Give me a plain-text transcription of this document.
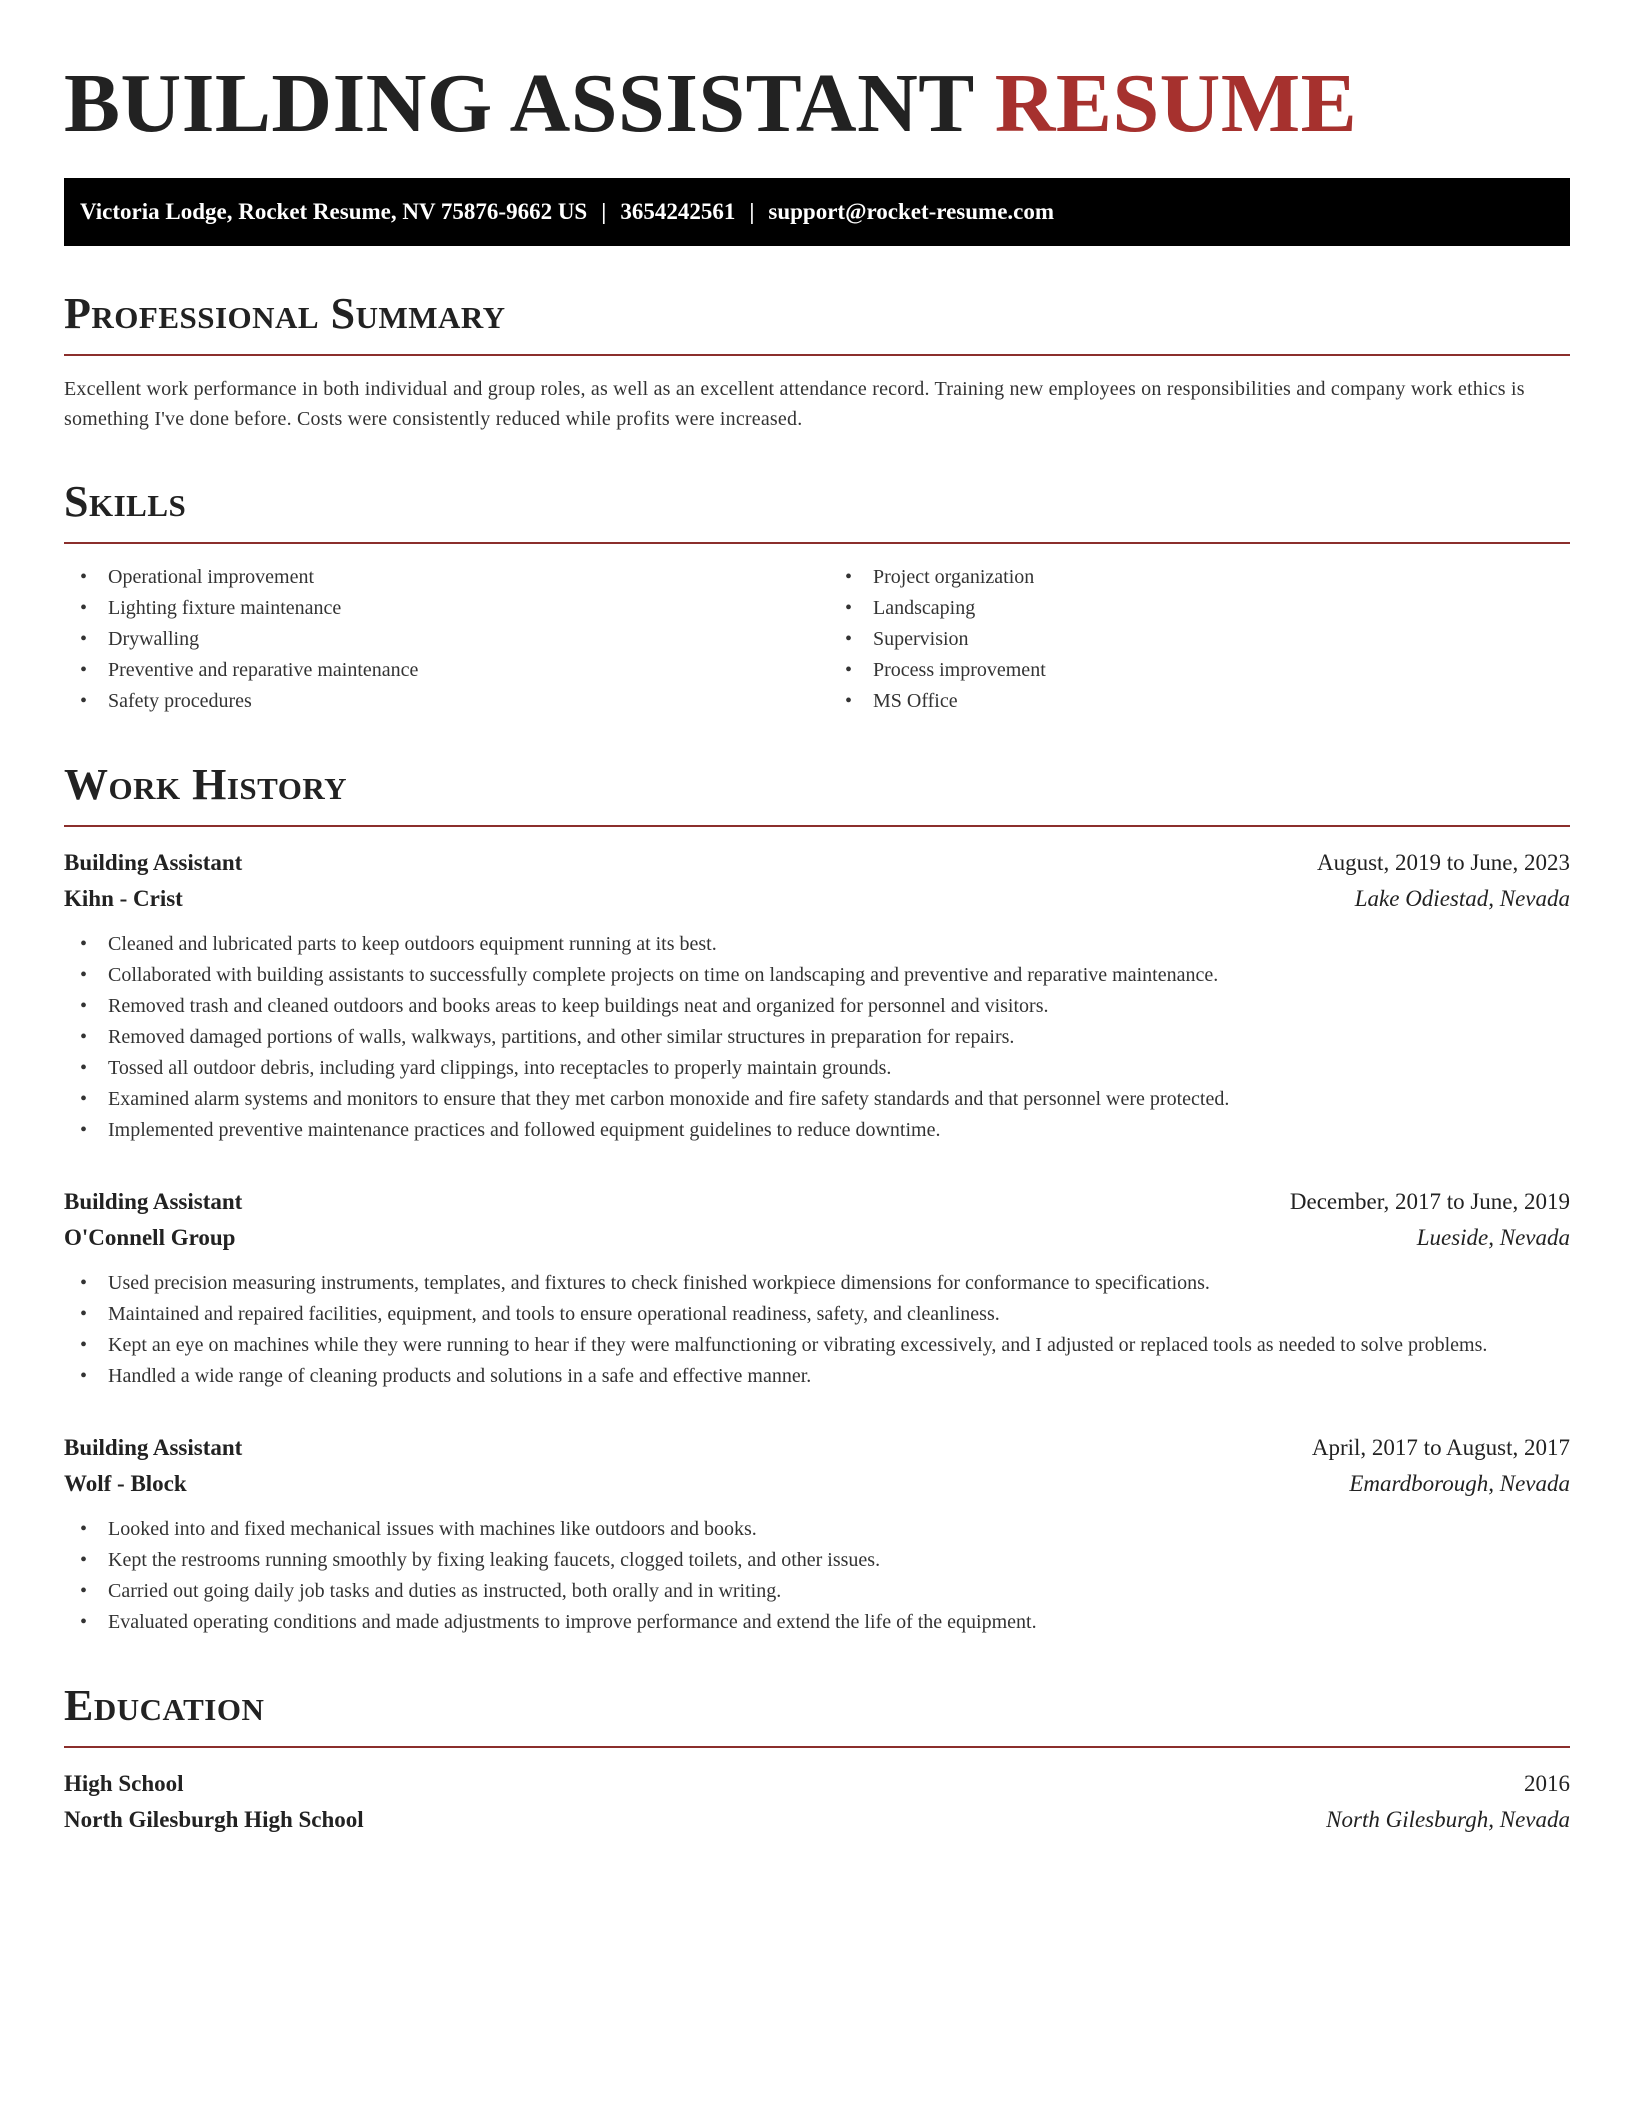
BUILDING ASSISTANT RESUME
Victoria Lodge, Rocket Resume, NV 75876-9662 US | 3654242561 | support@rocket-resume.com
Professional Summary

Excellent work performance in both individual and group roles, as well as an excellent attendance record. Training new employees on responsibilities and company work ethics is something I've done before. Costs were consistently reduced while profits were increased.

Skills
• Operational improvement
• Lighting fixture maintenance
• Drywalling
• Preventive and reparative maintenance
• Safety procedures
• Project organization
• Landscaping
• Supervision
• Process improvement
• MS Office
Work History
Building Assistant	August, 2019 to June, 2023
Kihn - Crist	Lake Odiestad, Nevada
• Cleaned and lubricated parts to keep outdoors equipment running at its best.
• Collaborated with building assistants to successfully complete projects on time on landscaping and preventive and reparative maintenance.
• Removed trash and cleaned outdoors and books areas to keep buildings neat and organized for personnel and visitors.
• Removed damaged portions of walls, walkways, partitions, and other similar structures in preparation for repairs.
• Tossed all outdoor debris, including yard clippings, into receptacles to properly maintain grounds.
• Examined alarm systems and monitors to ensure that they met carbon monoxide and fire safety standards and that personnel were protected.
• Implemented preventive maintenance practices and followed equipment guidelines to reduce downtime.
Building Assistant	December, 2017 to June, 2019
O'Connell Group	Lueside, Nevada
• Used precision measuring instruments, templates, and fixtures to check finished workpiece dimensions for conformance to specifications.
• Maintained and repaired facilities, equipment, and tools to ensure operational readiness, safety, and cleanliness.
• Kept an eye on machines while they were running to hear if they were malfunctioning or vibrating excessively, and I adjusted or replaced tools as needed to solve problems.
• Handled a wide range of cleaning products and solutions in a safe and effective manner.
Building Assistant	April, 2017 to August, 2017
Wolf - Block	Emardborough, Nevada
• Looked into and fixed mechanical issues with machines like outdoors and books.
• Kept the restrooms running smoothly by fixing leaking faucets, clogged toilets, and other issues.
• Carried out going daily job tasks and duties as instructed, both orally and in writing.
• Evaluated operating conditions and made adjustments to improve performance and extend the life of the equipment.
Education
High School	2016
North Gilesburgh High School	North Gilesburgh, Nevada
